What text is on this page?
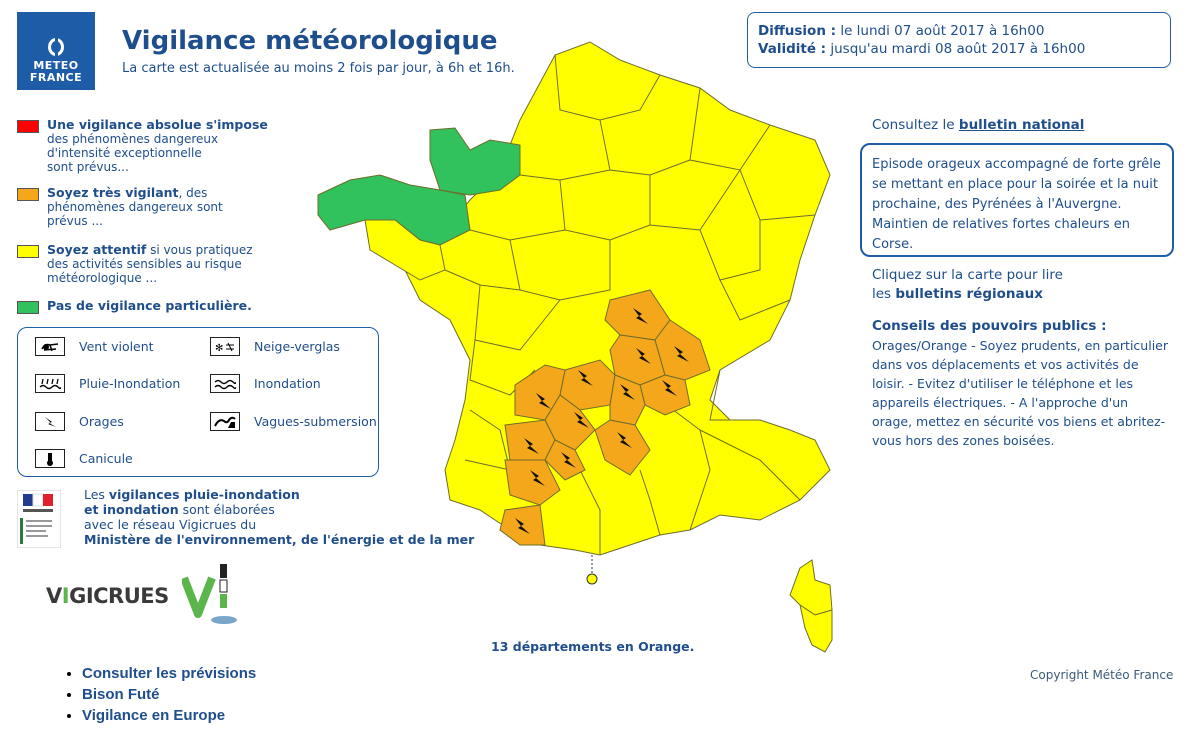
METEO
FRANCE
Vigilance météorologique
La carte est actualisée au moins 2 fois par jour, à 6h et 16h.
Diffusion : le lundi 07 août 2017 à 16h00
Validité : jusqu'au mardi 08 août 2017 à 16h00
Une vigilance absolue s'impose
des phénomènes dangereux d'intensité exceptionnelle sont prévus...
Soyez très vigilant, des phénomènes dangereux sont prévus ...
Soyez attentif si vous pratiquez des activités sensibles au risque météorologique ...
Pas de vigilance particulière.
Vent violent	✻ Neige-verglas
Pluie-Inondation	Inondation
Orages	Vagues-submersion
Canicule
Les vigilances pluie-inondation
et inondation sont élaborées
avec le réseau Vigicrues du
Ministère de l'environnement, de l'énergie et de la mer
VIGICRUES
Consultez le bulletin national
Episode orageux accompagné de forte grêle se mettant en place pour la soirée et la nuit prochaine, des Pyrénées à l'Auvergne. Maintien de relatives fortes chaleurs en Corse.
Cliquez sur la carte pour lire
les bulletins régionaux
Conseils des pouvoirs publics :
Orages/Orange - Soyez prudents, en particulier dans vos déplacements et vos activités de loisir. - Evitez d'utiliser le téléphone et les appareils électriques. - A l'approche d'un orage, mettez en sécurité vos biens et abritez-vous hors des zones boisées.
13 départements en Orange.
Copyright Météo France
• Consulter les prévisions
• Bison Futé
• Vigilance en Europe
